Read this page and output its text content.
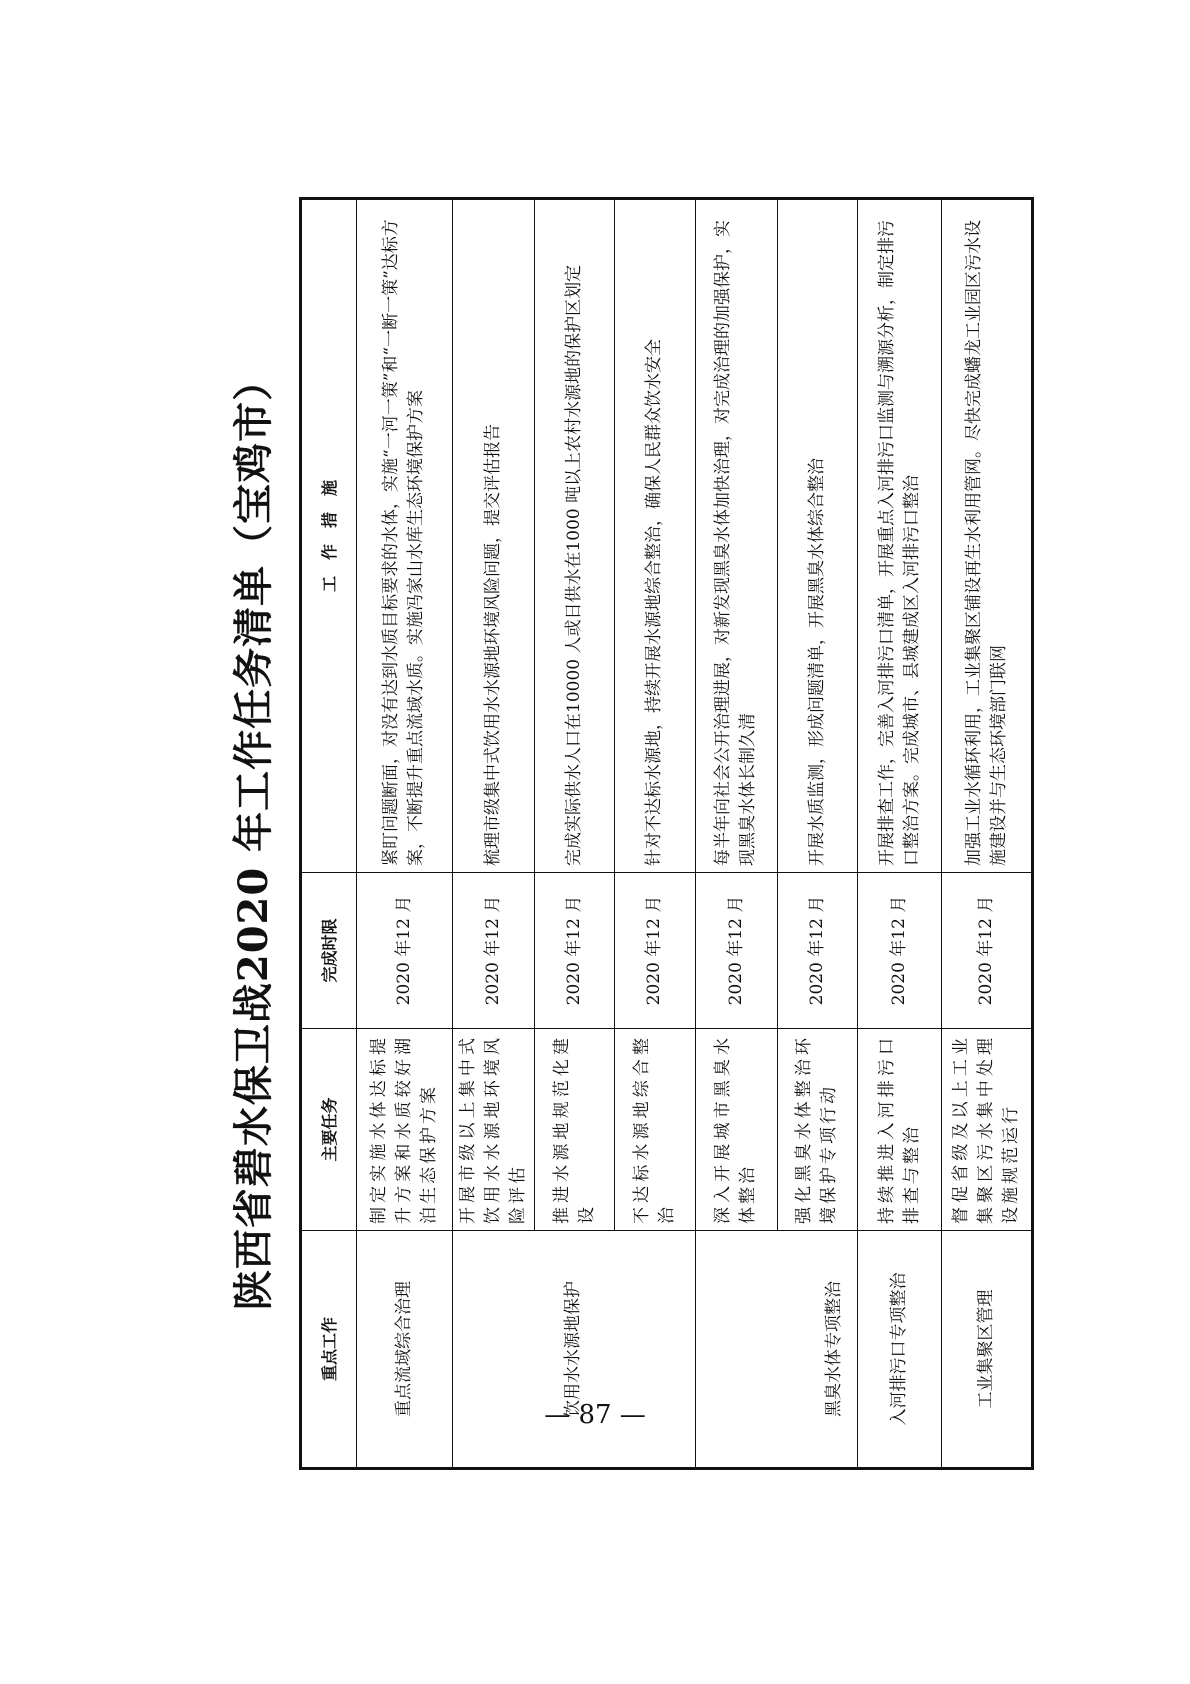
陕西省碧水保卫战2020 年工作任务清单（宝鸡市）
重点工作	主要任务	完成时限	工　作　措　施
重点流域综合治理	制定实施水体达标提升方案和水质较好湖泊生态保护方案	2020 年12 月	紧盯问题断面，对没有达到水质目标要求的水体，实施“一河一策”和“一断一策”达标方案，不断提升重点流域水质。实施冯家山水库生态环境保护方案
饮用水水源地保护	开展市级以上集中式饮用水水源地环境风险评估	2020 年12 月	梳理市级集中式饮用水水源地环境风险问题，提交评估报告
	推进水源地规范化建设	2020 年12 月	完成实际供水人口在10000 人或日供水在1000 吨以上农村水源地的保护区划定
	不达标水源地综合整治	2020 年12 月	针对不达标水源地，持续开展水源地综合整治，确保人民群众饮水安全
黑臭水体专项整治	深入开展城市黑臭水体整治	2020 年12 月	每半年向社会公开治理进展，对新发现黑臭水体加快治理，对完成治理的加强保护，实现黑臭水体长制久清
	强化黑臭水体整治环境保护专项行动	2020 年12 月	开展水质监测，形成问题清单，开展黑臭水体综合整治
入河排污口专项整治	持续推进入河排污口排查与整治	2020 年12 月	开展排查工作，完善入河排污口清单，开展重点入河排污口监测与溯源分析，制定排污口整治方案。完成城市、县城建成区入河排污口整治
工业集聚区管理	督促省级及以上工业集聚区污水集中处理设施规范运行	2020 年12 月	加强工业水循环利用，工业集聚区铺设再生水利用管网。尽快完成蟠龙工业园区污水设施建设并与生态环境部门联网
— 87 —
